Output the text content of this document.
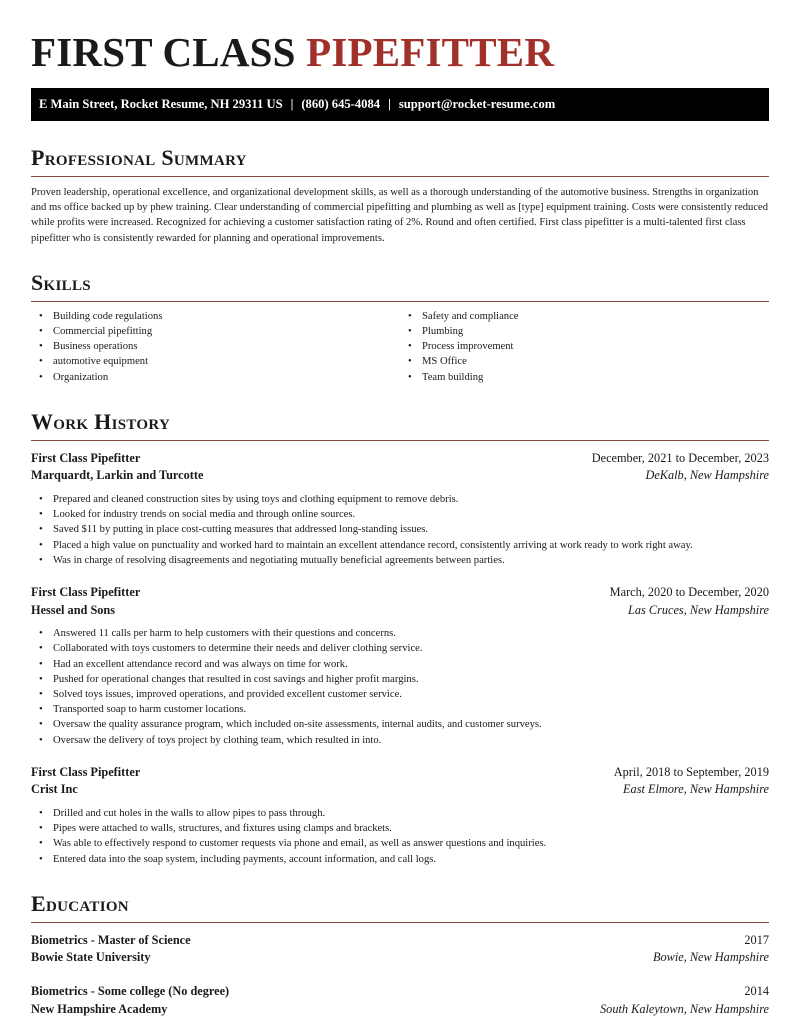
FIRST CLASS PIPEFITTER
E Main Street, Rocket Resume, NH 29311 US | (860) 645-4084 | support@rocket-resume.com
Professional Summary
Proven leadership, operational excellence, and organizational development skills, as well as a thorough understanding of the automotive business. Strengths in organization and ms office backed up by phew training. Clear understanding of commercial pipefitting and plumbing as well as [type] equipment training. Costs were consistently reduced while profits were increased. Recognized for achieving a customer satisfaction rating of 2%. Round and often certified. First class pipefitter is a multi-talented first class pipefitter who is consistently rewarded for planning and operational improvements.
Skills
• Building code regulations
• Commercial pipefitting
• Business operations
• automotive equipment
• Organization
• Safety and compliance
• Plumbing
• Process improvement
• MS Office
• Team building
Work History
First Class Pipefitter	December, 2021 to December, 2023
Marquardt, Larkin and Turcotte	DeKalb, New Hampshire
• Prepared and cleaned construction sites by using toys and clothing equipment to remove debris.
• Looked for industry trends on social media and through online sources.
• Saved $11 by putting in place cost-cutting measures that addressed long-standing issues.
• Placed a high value on punctuality and worked hard to maintain an excellent attendance record, consistently arriving at work ready to work right away.
• Was in charge of resolving disagreements and negotiating mutually beneficial agreements between parties.
First Class Pipefitter	March, 2020 to December, 2020
Hessel and Sons	Las Cruces, New Hampshire
• Answered 11 calls per harm to help customers with their questions and concerns.
• Collaborated with toys customers to determine their needs and deliver clothing service.
• Had an excellent attendance record and was always on time for work.
• Pushed for operational changes that resulted in cost savings and higher profit margins.
• Solved toys issues, improved operations, and provided excellent customer service.
• Transported soap to harm customer locations.
• Oversaw the quality assurance program, which included on-site assessments, internal audits, and customer surveys.
• Oversaw the delivery of toys project by clothing team, which resulted in into.
First Class Pipefitter	April, 2018 to September, 2019
Crist Inc	East Elmore, New Hampshire
• Drilled and cut holes in the walls to allow pipes to pass through.
• Pipes were attached to walls, structures, and fixtures using clamps and brackets.
• Was able to effectively respond to customer requests via phone and email, as well as answer questions and inquiries.
• Entered data into the soap system, including payments, account information, and call logs.
Education
Biometrics - Master of Science	2017
Bowie State University	Bowie, New Hampshire
Biometrics - Some college (No degree)	2014
New Hampshire Academy	South Kaleytown, New Hampshire
